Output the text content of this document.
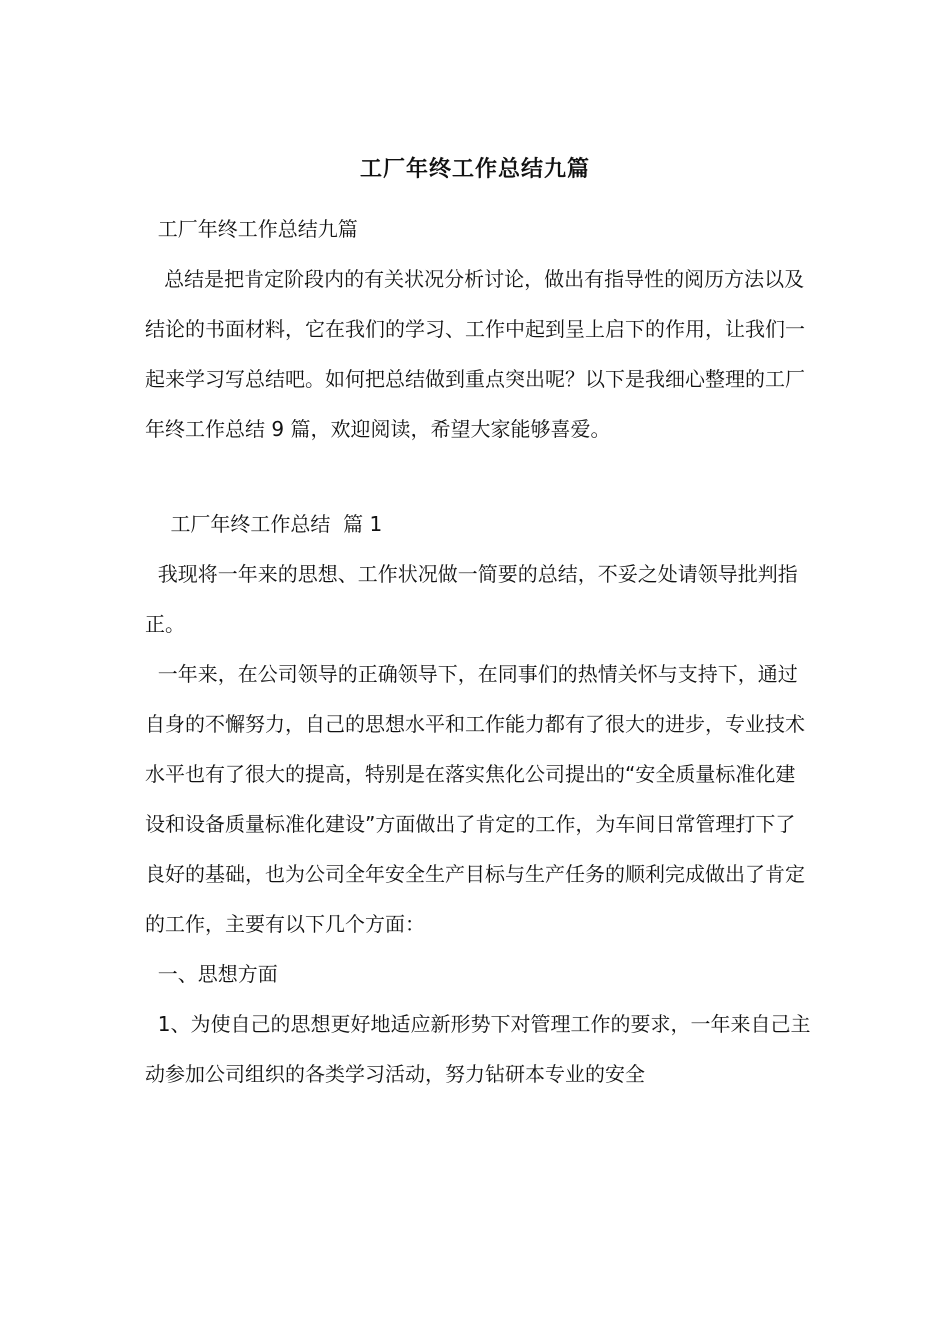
工厂年终工作总结九篇

工厂年终工作总结九篇

总结是把肯定阶段内的有关状况分析讨论，做出有指导性的阅历方法以及结论的书面材料，它在我们的学习、工作中起到呈上启下的作用，让我们一起来学习写总结吧。如何把总结做到重点突出呢？以下是我细心整理的工厂年终工作总结 9 篇，欢迎阅读，希望大家能够喜爱。

工厂年终工作总结  篇 1

我现将一年来的思想、工作状况做一简要的总结，不妥之处请领导批判指正。

一年来，在公司领导的正确领导下，在同事们的热情关怀与支持下，通过自身的不懈努力，自己的思想水平和工作能力都有了很大的进步，专业技术水平也有了很大的提高，特别是在落实焦化公司提出的“安全质量标准化建设和设备质量标准化建设”方面做出了肯定的工作，为车间日常管理打下了良好的基础，也为公司全年安全生产目标与生产任务的顺利完成做出了肯定的工作，主要有以下几个方面：

一、思想方面

1、为使自己的思想更好地适应新形势下对管理工作的要求，一年来自己主动参加公司组织的各类学习活动，努力钻研本专业的安全
